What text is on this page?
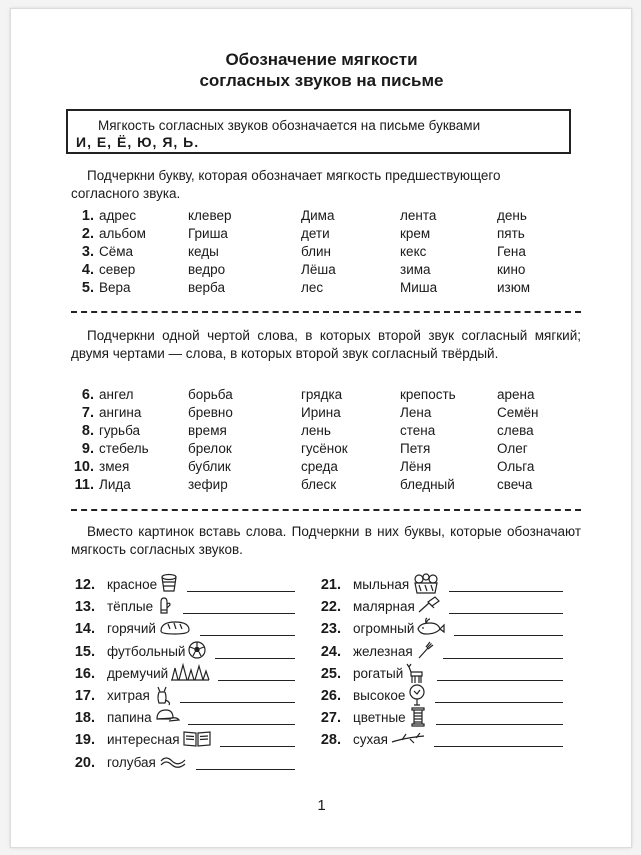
Обозначение мягкости
согласных звуков на письме
Мягкость согласных звуков обозначается на письме буквами
И, Е, Ё, Ю, Я, Ь.
Подчеркни букву, которая обозначает мягкость предшествующего
согласного звука.
1. адрес	клевер	Дима	лента	день
2. альбом	Гриша	дети	крем	пять
3. Сёма	кеды	блин	кекс	Гена
4. север	ведро	Лёша	зима	кино
5. Вера	верба	лес	Миша	изюм
Подчеркни одной чертой слова, в которых второй звук согласный мягкий; двумя чертами — слова, в которых второй звук согласный твёрдый.
6. ангел	борьба	грядка	крепость	арена
7. ангина	бревно	Ирина	Лена	Семён
8. гурьба	время	лень	стена	слева
9. стебель	брелок	гусёнок	Петя	Олег
10. змея	бублик	среда	Лёня	Ольга
11. Лида	зефир	блеск	бледный	свеча
Вместо картинок вставь слова. Подчеркни в них буквы, которые обозначают мягкость согласных звуков.
12. красное
13. тёплые
14. горячий
15. футбольный
16. дремучий
17. хитрая
18. папина
19. интересная
20. голубая
21. мыльная
22. малярная
23. огромный
24. железная
25. рогатый
26. высокое
27. цветные
28. сухая
1
